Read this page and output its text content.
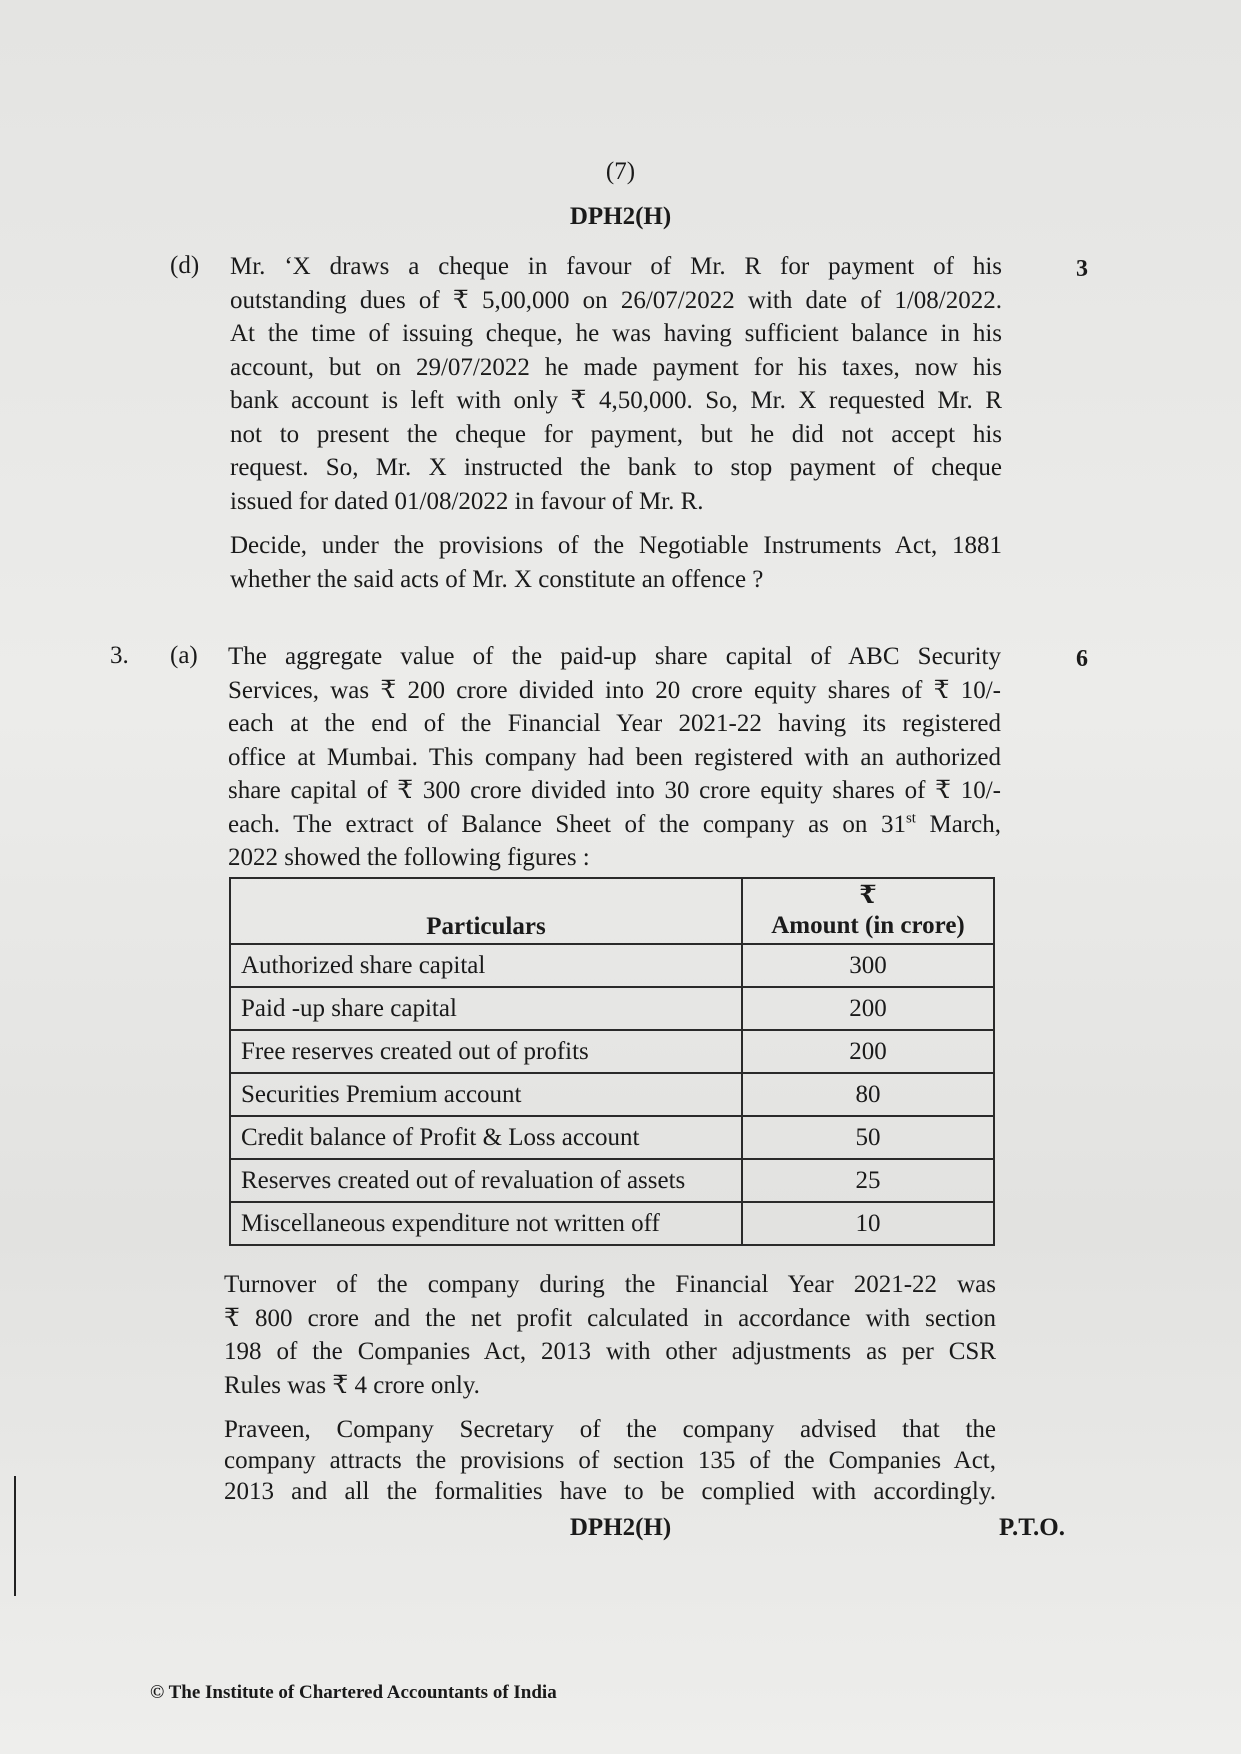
(7)
DPH2(H)
(d)	3
Mr. ‘X draws a cheque in favour of Mr. R for payment of his
outstanding dues of ₹ 5,00,000 on 26/07/2022 with date of 1/08/2022.
At the time of issuing cheque, he was having sufficient balance in his
account, but on 29/07/2022 he made payment for his taxes, now his
bank account is left with only ₹ 4,50,000. So, Mr. X requested Mr. R
not to present the cheque for payment, but he did not accept his
request. So, Mr. X instructed the bank to stop payment of cheque
issued for dated 01/08/2022 in favour of Mr. R.
Decide, under the provisions of the Negotiable Instruments Act, 1881
whether the said acts of Mr. X constitute an offence ?
3. (a)	6
The aggregate value of the paid-up share capital of ABC Security
Services, was ₹ 200 crore divided into 20 crore equity shares of ₹ 10/-
each at the end of the Financial Year 2021-22 having its registered
office at Mumbai. This company had been registered with an authorized
share capital of ₹ 300 crore divided into 30 crore equity shares of ₹ 10/-
each. The extract of Balance Sheet of the company as on 31st March,
2022 showed the following figures :
Particulars	₹
Amount (in crore)

Authorized share capital	300
Paid -up share capital	200
Free reserves created out of profits	200
Securities Premium account	80
Credit balance of Profit & Loss account	50
Reserves created out of revaluation of assets	25
Miscellaneous expenditure not written off	10
Turnover of the company during the Financial Year 2021-22 was
₹ 800 crore and the net profit calculated in accordance with section
198 of the Companies Act, 2013 with other adjustments as per CSR
Rules was ₹ 4 crore only.
Praveen, Company Secretary of the company advised that the
company attracts the provisions of section 135 of the Companies Act,
2013 and all the formalities have to be complied with accordingly.
DPH2(H)	P.T.O.
© The Institute of Chartered Accountants of India
